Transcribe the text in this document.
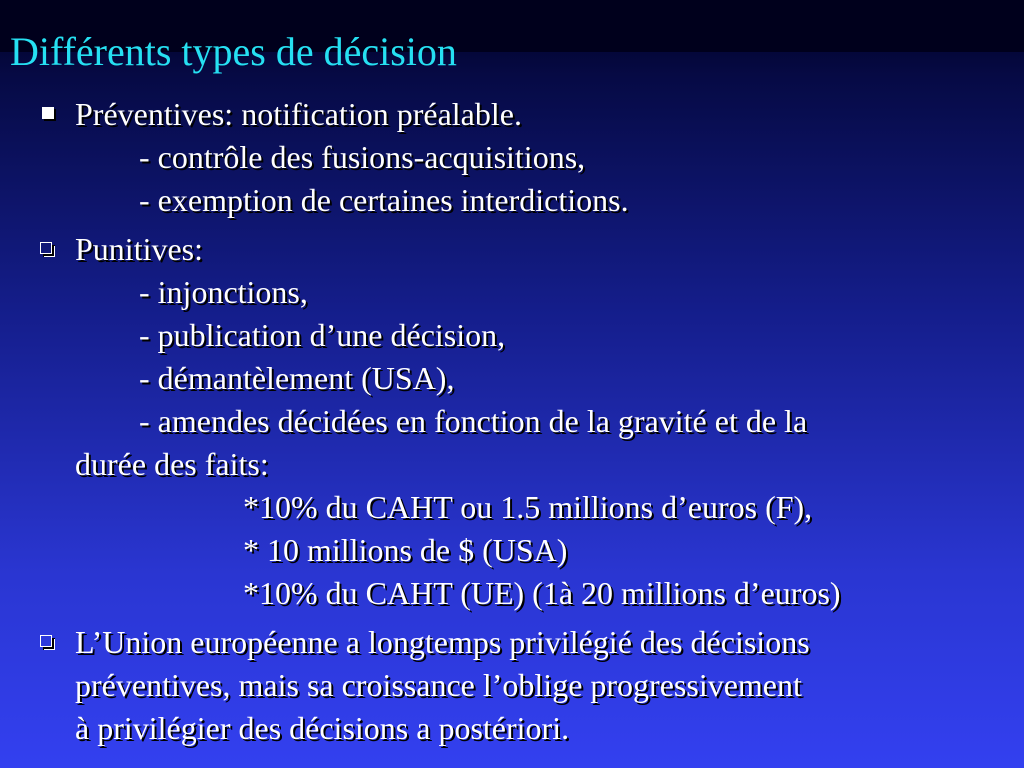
Différents types de décision
Préventives: notification préalable.
- contrôle des fusions-acquisitions,
- exemption de certaines interdictions.
Punitives:
- injonctions,
- publication d’une décision,
- démantèlement (USA),
- amendes décidées en fonction de la gravité et de la
durée des faits:
*10% du CAHT ou 1.5 millions d’euros (F),
* 10 millions de $ (USA)
*10% du CAHT (UE) (1à 20 millions d’euros)
L’Union européenne a longtemps privilégié des décisions
préventives, mais sa croissance l’oblige progressivement
à privilégier des décisions a postériori.
